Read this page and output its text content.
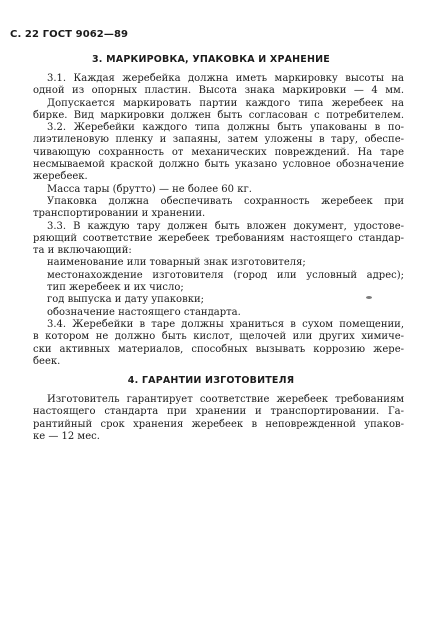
С. 22 ГОСТ 9062—89
3. МАРКИРОВКА, УПАКОВКА И ХРАНЕНИЕ
3.1. Каждая жеребейка должна иметь маркировку высоты на
одной из опорных пластин. Высота знака маркировки — 4 мм.
Допускается маркировать партии каждого типа жеребеек на
бирке. Вид маркировки должен быть согласован с потребителем.
3.2. Жеребейки каждого типа должны быть упакованы в по-
лиэтиленовую пленку и запаяны, затем уложены в тару, обеспе-
чивающую сохранность от механических повреждений. На таре
несмываемой краской должно быть указано условное обозначение
жеребеек.
Масса тары (брутто) — не более 60 кг.
Упаковка должна обеспечивать сохранность жеребеек при
транспортировании и хранении.
3.3. В каждую тару должен быть вложен документ, удостове-
ряющий соответствие жеребеек требованиям настоящего стандар-
та и включающий:
наименование или товарный знак изготовителя;
местонахождение изготовителя (город или условный адрес);
тип жеребеек и их число;
год выпуска и дату упаковки;
обозначение настоящего стандарта.
3.4. Жеребейки в таре должны храниться в сухом помещении,
в котором не должно быть кислот, щелочей или других химиче-
ски активных материалов, способных вызывать коррозию жере-
беек.
4. ГАРАНТИИ ИЗГОТОВИТЕЛЯ
Изготовитель гарантирует соответствие жеребеек требованиям
настоящего стандарта при хранении и транспортировании. Га-
рантийный срок хранения жеребеек в неповрежденной упаков-
ке — 12 мес.
